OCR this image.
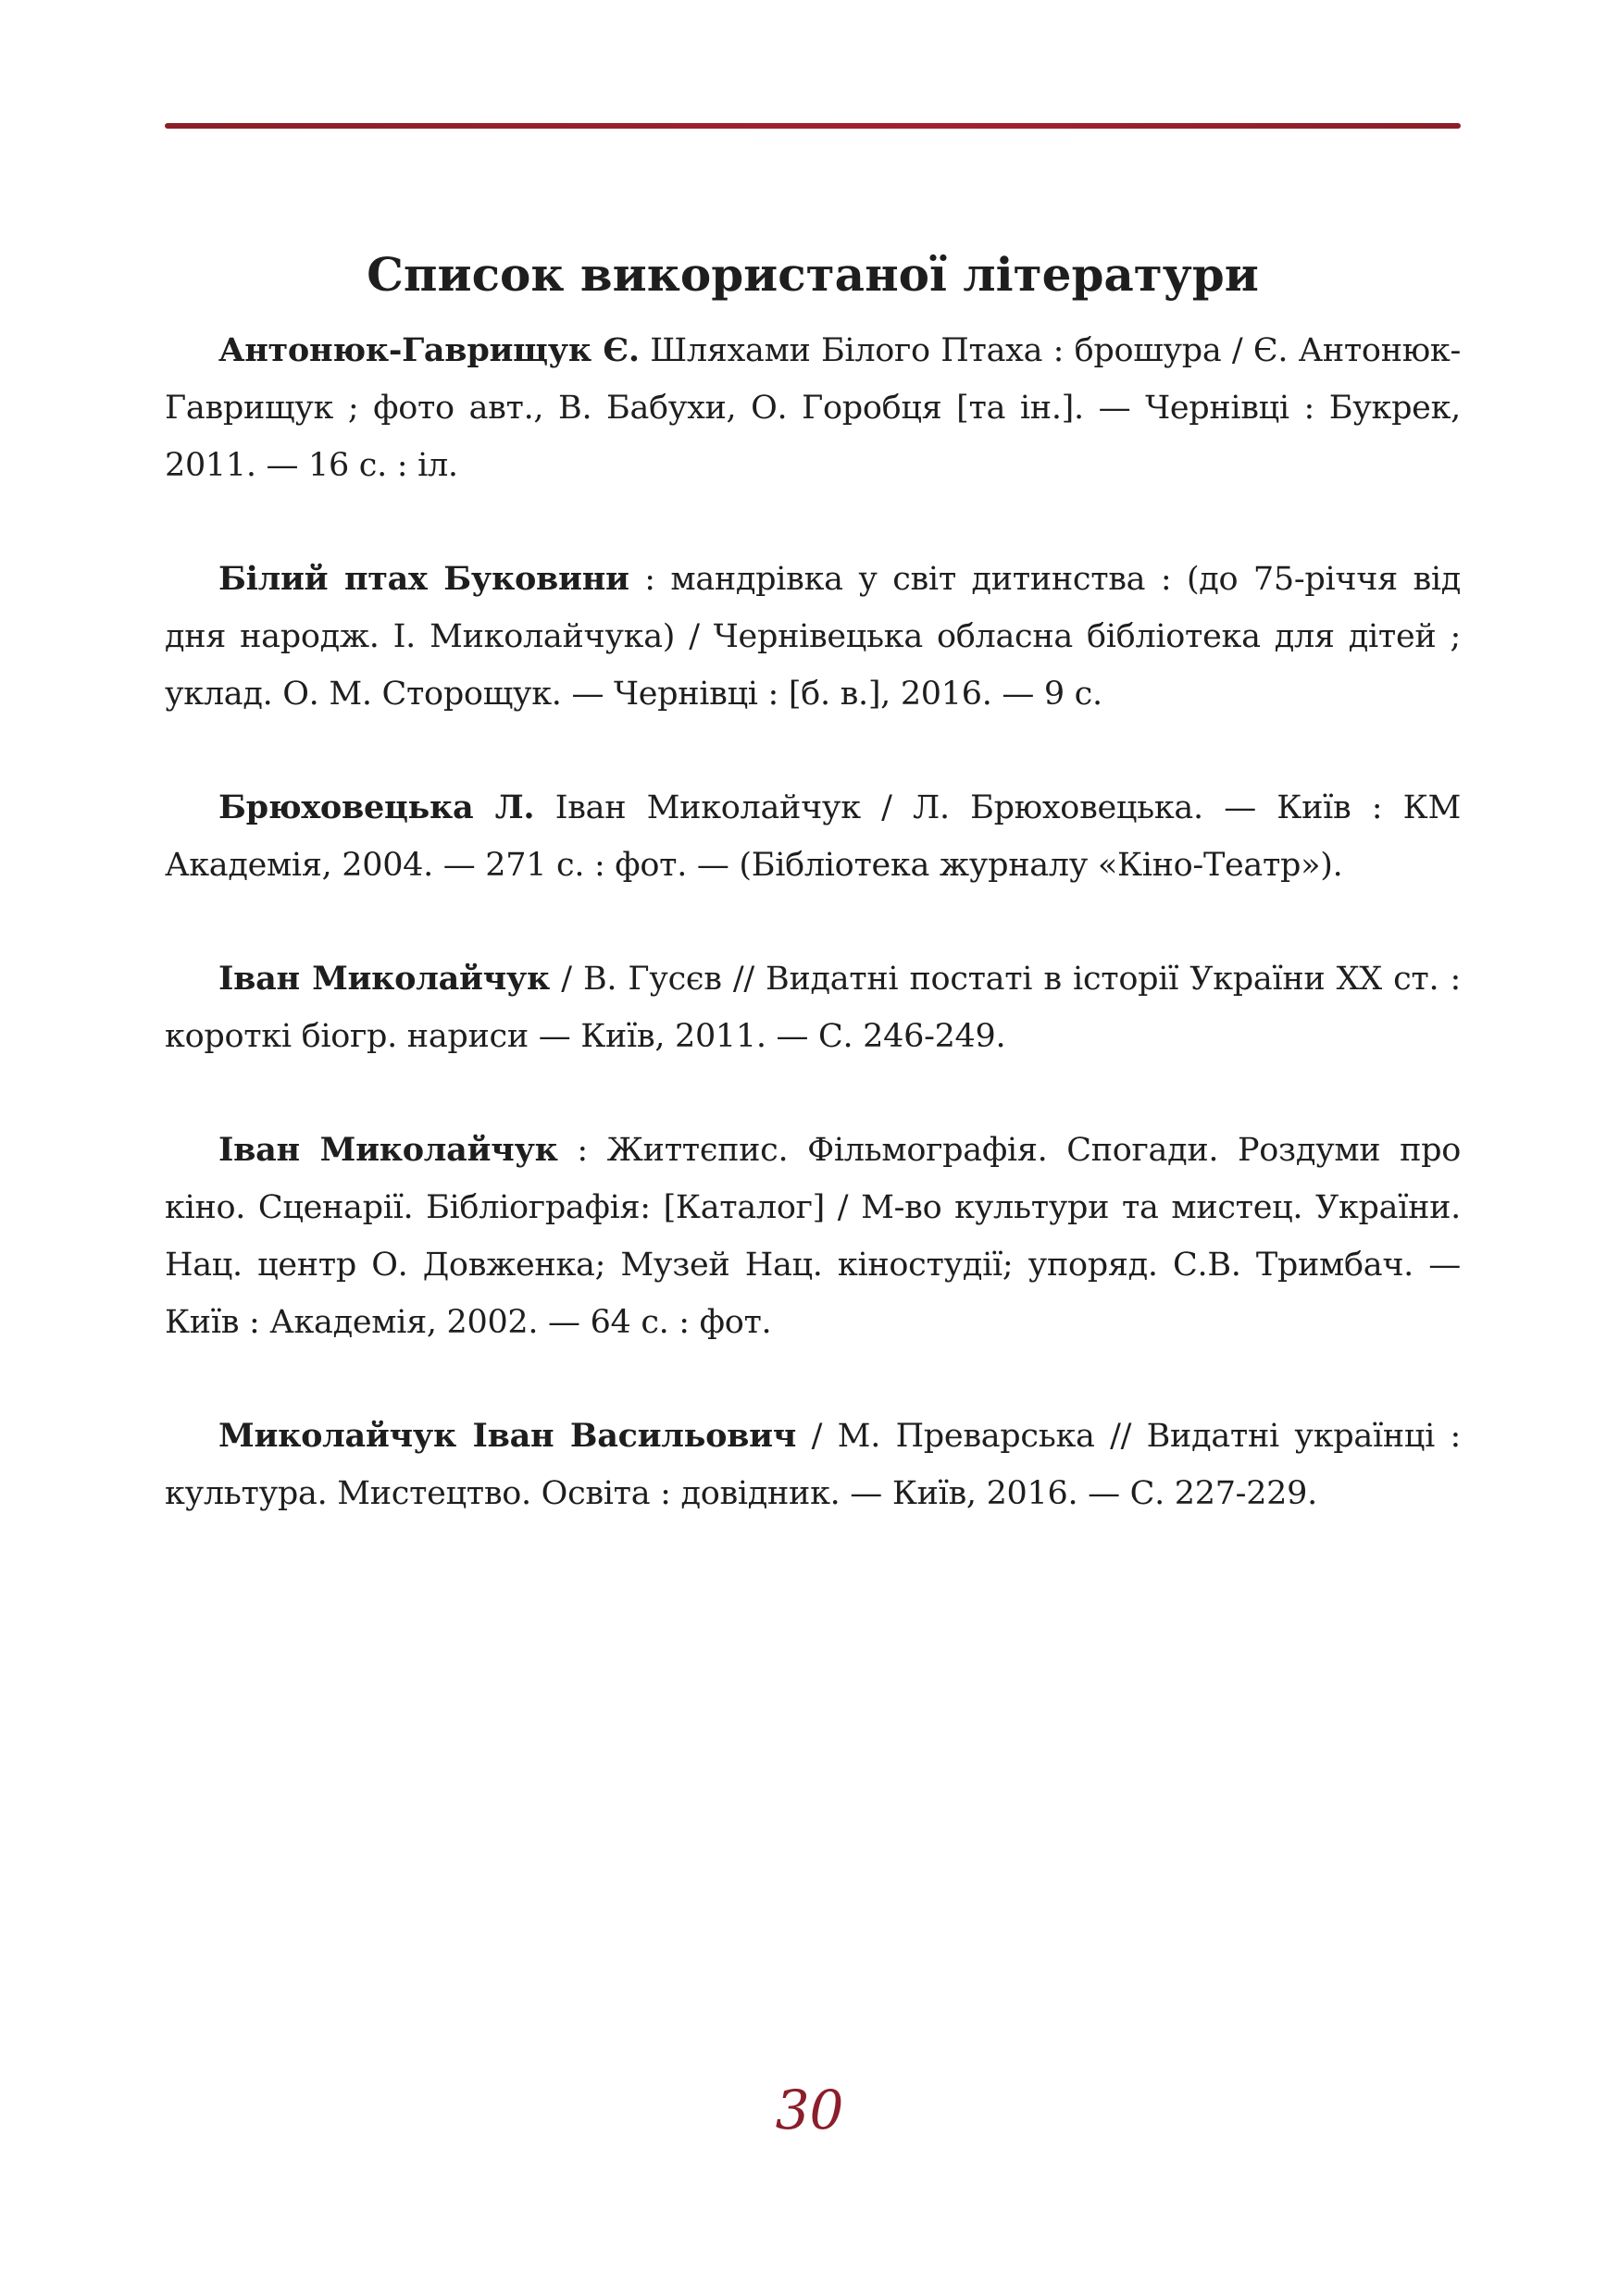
Список використаної літератури

Антонюк-Гаврищук Є. Шляхами Білого Птаха : брошура / Є. Антонюк-Гаврищук ; фото авт., В. Бабухи, О. Горобця [та ін.]. — Чернівці : Букрек, 2011. — 16 с. : іл.

Білий птах Буковини : мандрівка у світ дитинства : (до 75-річчя від дня народж. І. Миколайчука) / Чернівецька обласна бібліотека для дітей ; уклад. О. М. Сторощук. — Чернівці : [б. в.], 2016. — 9 с.

Брюховецька Л. Іван Миколайчук / Л. Брюховецька. — Київ : КМ Академія, 2004. — 271 с. : фот. — (Бібліотека журналу «Кіно-Театр»).

Іван Миколайчук / В. Гусєв // Видатні постаті в історії України ХХ ст. : короткі біогр. нариси — Київ, 2011. — С. 246-249.

Іван Миколайчук : Життєпис. Фільмографія. Спогади. Роздуми про кіно. Сценарії. Бібліографія: [Каталог] / М-во культури та мистец. України. Нац. центр О. Довженка; Музей Нац. кіностудії; упоряд. С.В. Тримбач. — Київ : Академія, 2002. — 64 с. : фот.

Миколайчук Іван Васильович / М. Преварська // Видатні українці : культура. Мистецтво. Освіта : довідник. — Київ, 2016. — С. 227-229.

30
